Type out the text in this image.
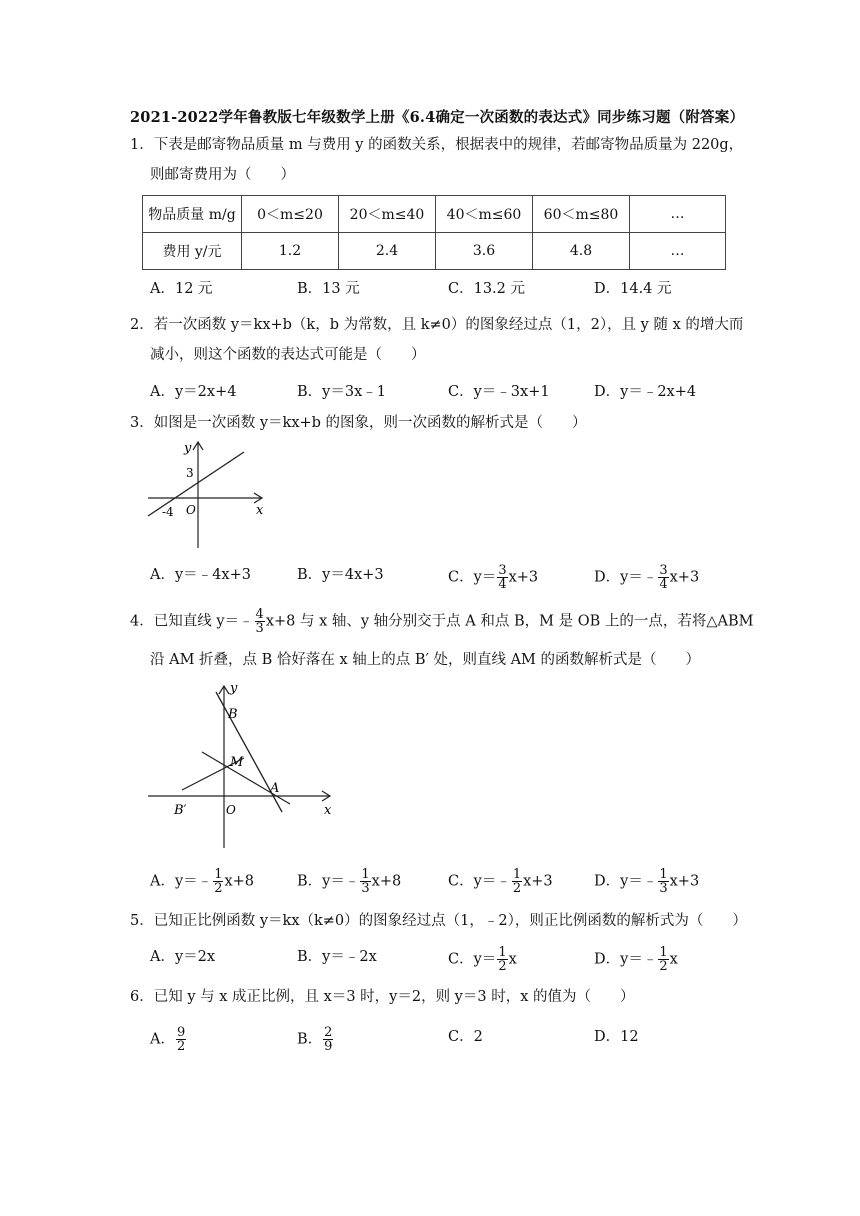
2021-2022学年鲁教版七年级数学上册《6.4确定一次函数的表达式》同步练习题（附答案）
1．下表是邮寄物品质量 m 与费用 y 的函数关系，根据表中的规律，若邮寄物品质量为 220g，
则邮寄费用为（　　）
物品质量 m/g	0＜m≤20	20＜m≤40	40＜m≤60	60＜m≤80	…
费用 y/元	1.2	2.4	3.6	4.8	…
A．12 元	B．13 元	C．13.2 元	D．14.4 元
2．若一次函数 y＝kx+b（k，b 为常数，且 k≠0）的图象经过点（1，2），且 y 随 x 的增大而
减小，则这个函数的表达式可能是（　　）
A．y＝2x+4	B．y＝3x﹣1	C．y＝﹣3x+1	D．y＝﹣2x+4
3．如图是一次函数 y＝kx+b 的图象，则一次函数的解析式是（　　）
y
x
3
-4 O
A．y＝﹣4x+3	B．y＝4x+3	C．$y= \frac{3}{4} x+3$	D．y＝﹣ $\frac{3}{4} x+3$
4．已知直线 y＝﹣ $\frac{4}{3} x+8$ 与 x 轴、y 轴分别交于点 A 和点 B，M 是 OB 上的一点，若将△ABM
沿 AM 折叠，点 B 恰好落在 x 轴上的点 B′ 处，则直线 AM 的函数解析式是（　　）
y
x
B
M
A
O
B′
A．y＝﹣ $\frac{1}{2} x+8$	B．y＝﹣ $\frac{1}{3} x+8$	C．y＝﹣ $\frac{1}{2} x+3$	D．y＝﹣ $\frac{1}{3} x+3$
5．已知正比例函数 y＝kx（k≠0）的图象经过点（1，﹣2），则正比例函数的解析式为（　　）
A．y＝2x	B．y＝﹣2x	C．$y= \frac{1}{2}$ x	D．y＝﹣ $\frac{1}{2}$ x
6．已知 y 与 x 成正比例，且 x＝3 时，y＝2，则 y＝3 时，x 的值为（　　）
A． $\frac{9}{2}$	B． $\frac{2}{9}$	C．2	D．12
